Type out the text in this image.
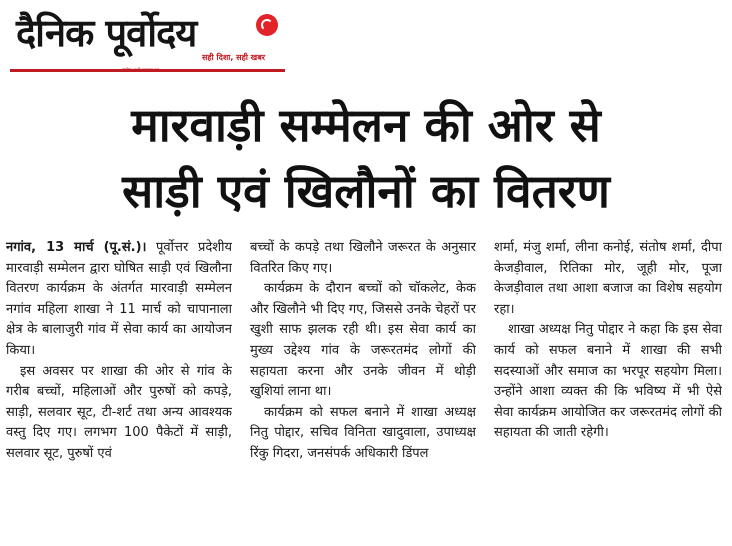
दैनिक पूर्वोदय
सही दिशा, सही खबर
ग्रामीण-शहरी समाचार पत्र
मारवाड़ी सम्मेलन की ओर से
साड़ी एवं खिलौनों का वितरण

नगांव, 13 मार्च (पू.सं.)। पूर्वोत्तर प्रदेशीय मारवाड़ी सम्मेलन द्वारा घोषित साड़ी एवं खिलौना वितरण कार्यक्रम के अंतर्गत मारवाड़ी सम्मेलन नगांव महिला शाखा ने 11 मार्च को चापानाला क्षेत्र के बालाजुरी गांव में सेवा कार्य का आयोजन किया।

इस अवसर पर शाखा की ओर से गांव के गरीब बच्चों, महिलाओं और पुरुषों को कपड़े, साड़ी, सलवार सूट, टी-शर्ट तथा अन्य आवश्यक वस्तु दिए गए। लगभग 100 पैकेटों में साड़ी, सलवार सूट, पुरुषों एवं

बच्चों के कपड़े तथा खिलौने जरूरत के अनुसार वितरित किए गए।

कार्यक्रम के दौरान बच्चों को चॉकलेट, केक और खिलौने भी दिए गए, जिससे उनके चेहरों पर खुशी साफ झलक रही थी। इस सेवा कार्य का मुख्य उद्देश्य गांव के जरूरतमंद लोगों की सहायता करना और उनके जीवन में थोड़ी खुशियां लाना था।

कार्यक्रम को सफल बनाने में शाखा अध्यक्ष नितु पोद्दार, सचिव विनिता खादुवाला, उपाध्यक्ष रिंकु गिदरा, जनसंपर्क अधिकारी डिंपल

शर्मा, मंजु शर्मा, लीना कनोई, संतोष शर्मा, दीपा केजड़ीवाल, रितिका मोर, जूही मोर, पूजा केजड़ीवाल तथा आशा बजाज का विशेष सहयोग रहा।

शाखा अध्यक्ष नितु पोद्दार ने कहा कि इस सेवा कार्य को सफल बनाने में शाखा की सभी सदस्याओं और समाज का भरपूर सहयोग मिला। उन्होंने आशा व्यक्त की कि भविष्य में भी ऐसे सेवा कार्यक्रम आयोजित कर जरूरतमंद लोगों की सहायता की जाती रहेगी।
